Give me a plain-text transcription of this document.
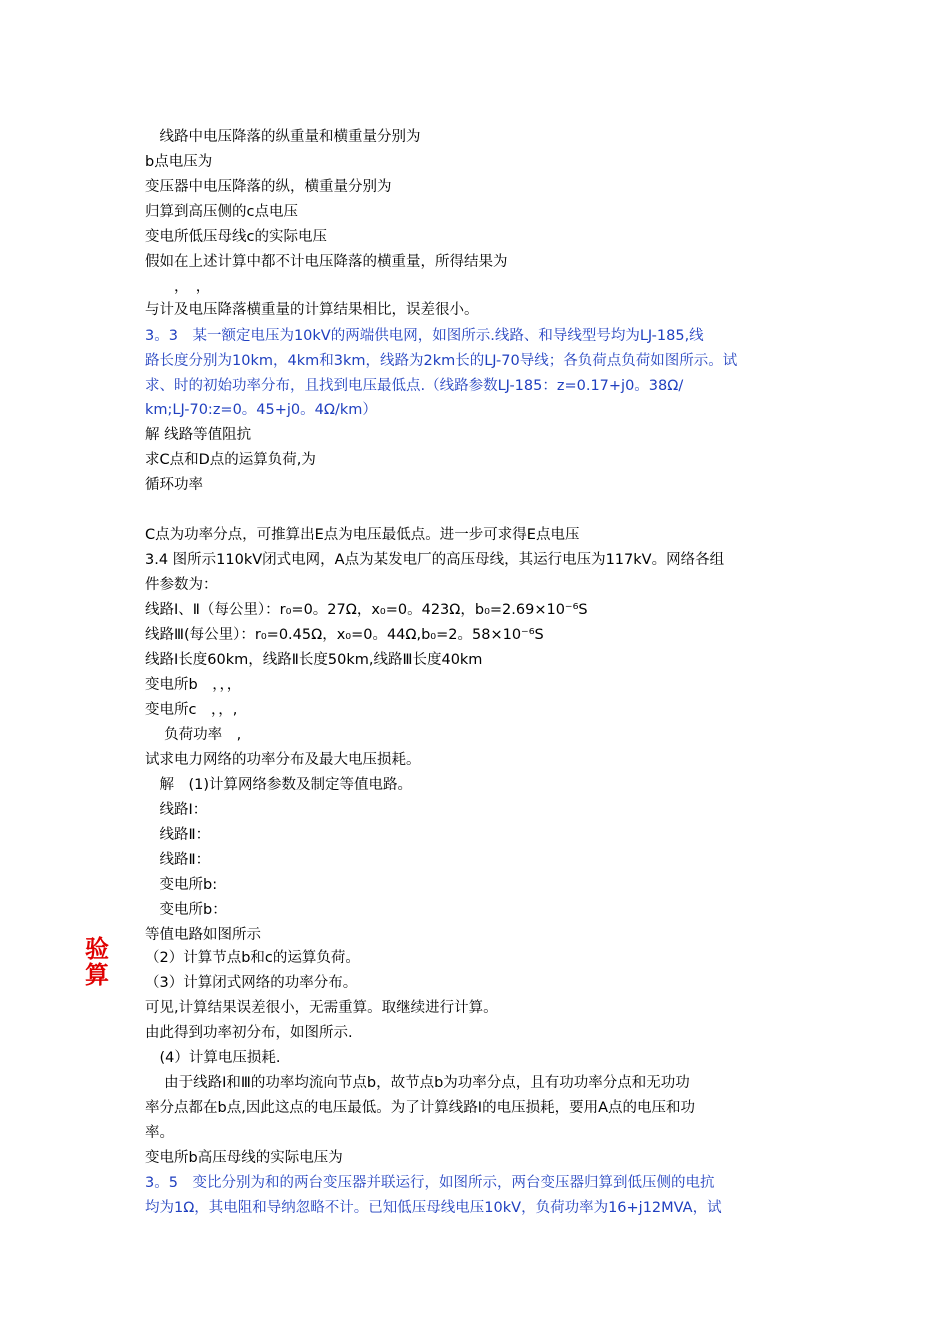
　线路中电压降落的纵重量和横重量分别为
b点电压为
变压器中电压降落的纵，横重量分别为
归算到高压侧的c点电压
变电所低压母线c的实际电压
假如在上述计算中都不计电压降落的横重量，所得结果为
　　，　，
与计及电压降落横重量的计算结果相比，误差很小。
3。3　某一额定电压为10kV的两端供电网，如图所示.线路、和导线型号均为LJ-185,线
路长度分别为10km，4km和3km，线路为2km长的LJ-70导线；各负荷点负荷如图所示。试
求、时的初始功率分布，且找到电压最低点.（线路参数LJ-185：z=0.17+j0。38Ω/
km;LJ-70:z=0。45+j0。4Ω/km）
解 线路等值阻抗
求C点和D点的运算负荷,为
循环功率
C点为功率分点，可推算出E点为电压最低点。进一步可求得E点电压
3.4 图所示110kV闭式电网，A点为某发电厂的高压母线，其运行电压为117kV。网络各组
件参数为：
线路Ⅰ、Ⅱ（每公里）：r₀=0。27Ω，x₀=0。423Ω，b₀=2.69×10⁻⁶S
线路Ⅲ(每公里）：r₀=0.45Ω，x₀=0。44Ω,b₀=2。58×10⁻⁶S
线路Ⅰ长度60km，线路Ⅱ长度50km,线路Ⅲ长度40km
变电所b　，，，
变电所c　，，,
　 负荷功率　,
试求电力网络的功率分布及最大电压损耗。
　解　(1)计算网络参数及制定等值电路。
　线路Ⅰ：
　线路Ⅱ：
　线路Ⅱ：
　变电所b:
　变电所b：
等值电路如图所示
（2）计算节点b和c的运算负荷。
（3）计算闭式网络的功率分布。
可见,计算结果误差很小，无需重算。取继续进行计算。
由此得到功率初分布，如图所示.
　(4）计算电压损耗.
　 由于线路Ⅰ和Ⅲ的功率均流向节点b，故节点b为功率分点，且有功功率分点和无功功
率分点都在b点,因此这点的电压最低。为了计算线路Ⅰ的电压损耗，要用A点的电压和功
率。
变电所b高压母线的实际电压为
3。5　变比分别为和的两台变压器并联运行，如图所示，两台变压器归算到低压侧的电抗
均为1Ω，其电阻和导纳忽略不计。已知低压母线电压10kV，负荷功率为16+j12MVA，试
验
算
